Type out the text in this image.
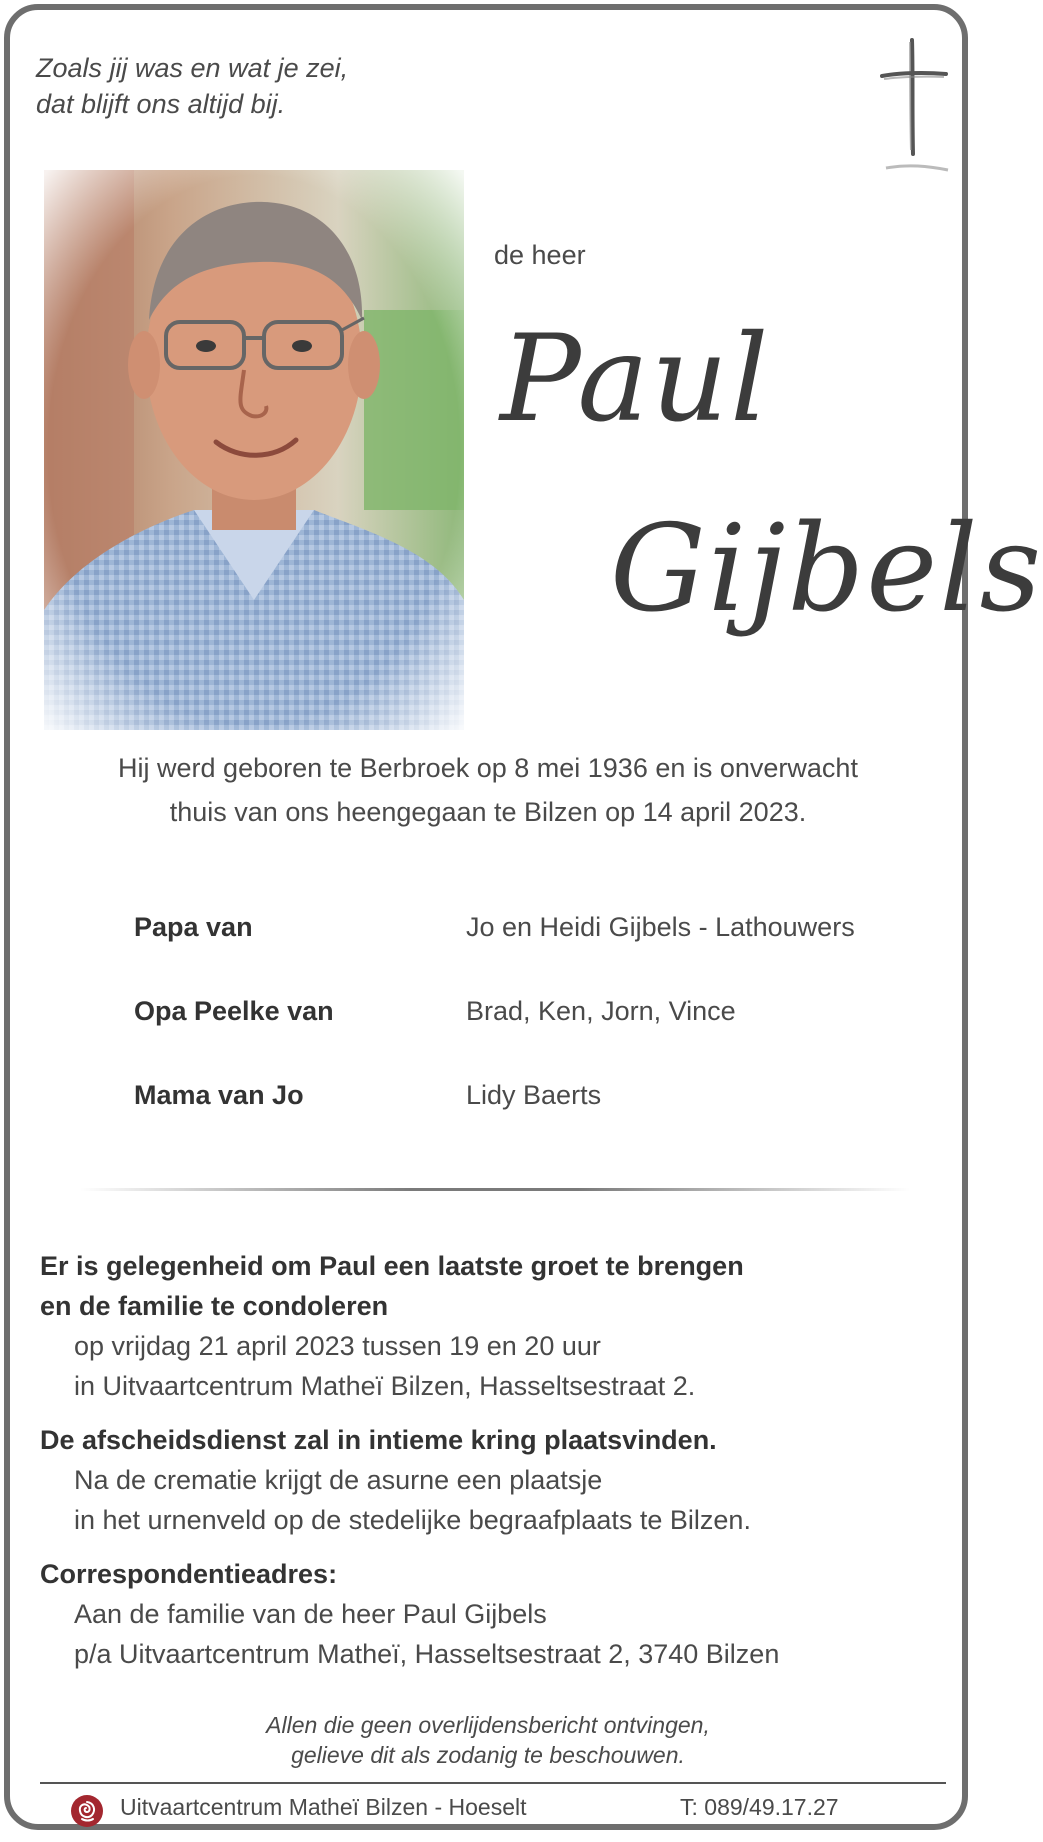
Zoals jij was en wat je zei,
dat blijft ons altijd bij.
de heer
Paul
Gijbels
Hij werd geboren te Berbroek op 8 mei 1936 en is onverwacht
thuis van ons heengegaan te Bilzen op 14 april 2023.
Papa van	Jo en Heidi Gijbels - Lathouwers
Opa Peelke van	Brad, Ken, Jorn, Vince
Mama van Jo	Lidy Baerts
Er is gelegenheid om Paul een laatste groet te brengen
en de familie te condoleren
op vrijdag 21 april 2023 tussen 19 en 20 uur
in Uitvaartcentrum Matheï Bilzen, Hasseltsestraat 2.
De afscheidsdienst zal in intieme kring plaatsvinden.
Na de crematie krijgt de asurne een plaatsje
in het urnenveld op de stedelijke begraafplaats te Bilzen.
Correspondentieadres:
Aan de familie van de heer Paul Gijbels
p/a Uitvaartcentrum Matheï, Hasseltsestraat 2, 3740 Bilzen
Allen die geen overlijdensbericht ontvingen,
gelieve dit als zodanig te beschouwen.
Uitvaartcentrum Matheï Bilzen - Hoeselt	T: 089/49.17.27
